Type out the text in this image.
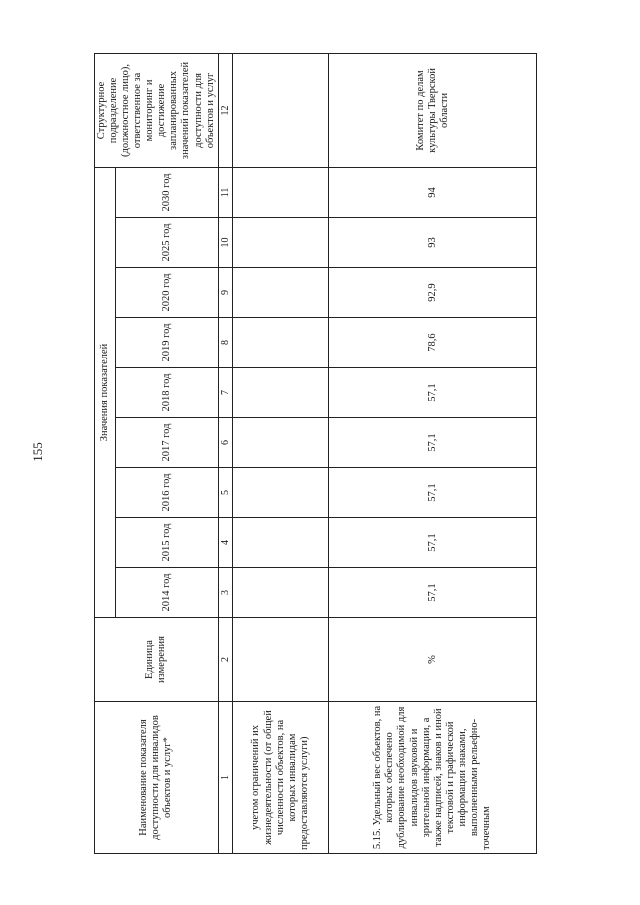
155
Наименование показателя доступности для инвалидов объектов и услуг*	Единица измерения	Значения показателей									Структурное подразделение (должностное лицо), ответственное за мониторинг и достижение запланированных значений показателей доступности для объектов и услуг
		2014 год	2015 год	2016 год	2017 год	2018 год	2019 год	2020 год	2025 год	2030 год	
1	2	3	4	5	6	7	8	9	10	11	12
учетом ограничений их жизнедеятельности (от общей численности объектов, на которых инвалидам предоставляются услуги)											
5.15. Удельный вес объектов, на которых обеспечено дублирование необходимой для инвалидов звуковой и зрительной информации, а также надписей, знаков и иной текстовой и графической информации знаками, выполненными рельефно-точечным	%	57,1	57,1	57,1	57,1	57,1	78,6	92,9	93	94	Комитет по делам культуры Тверской области
